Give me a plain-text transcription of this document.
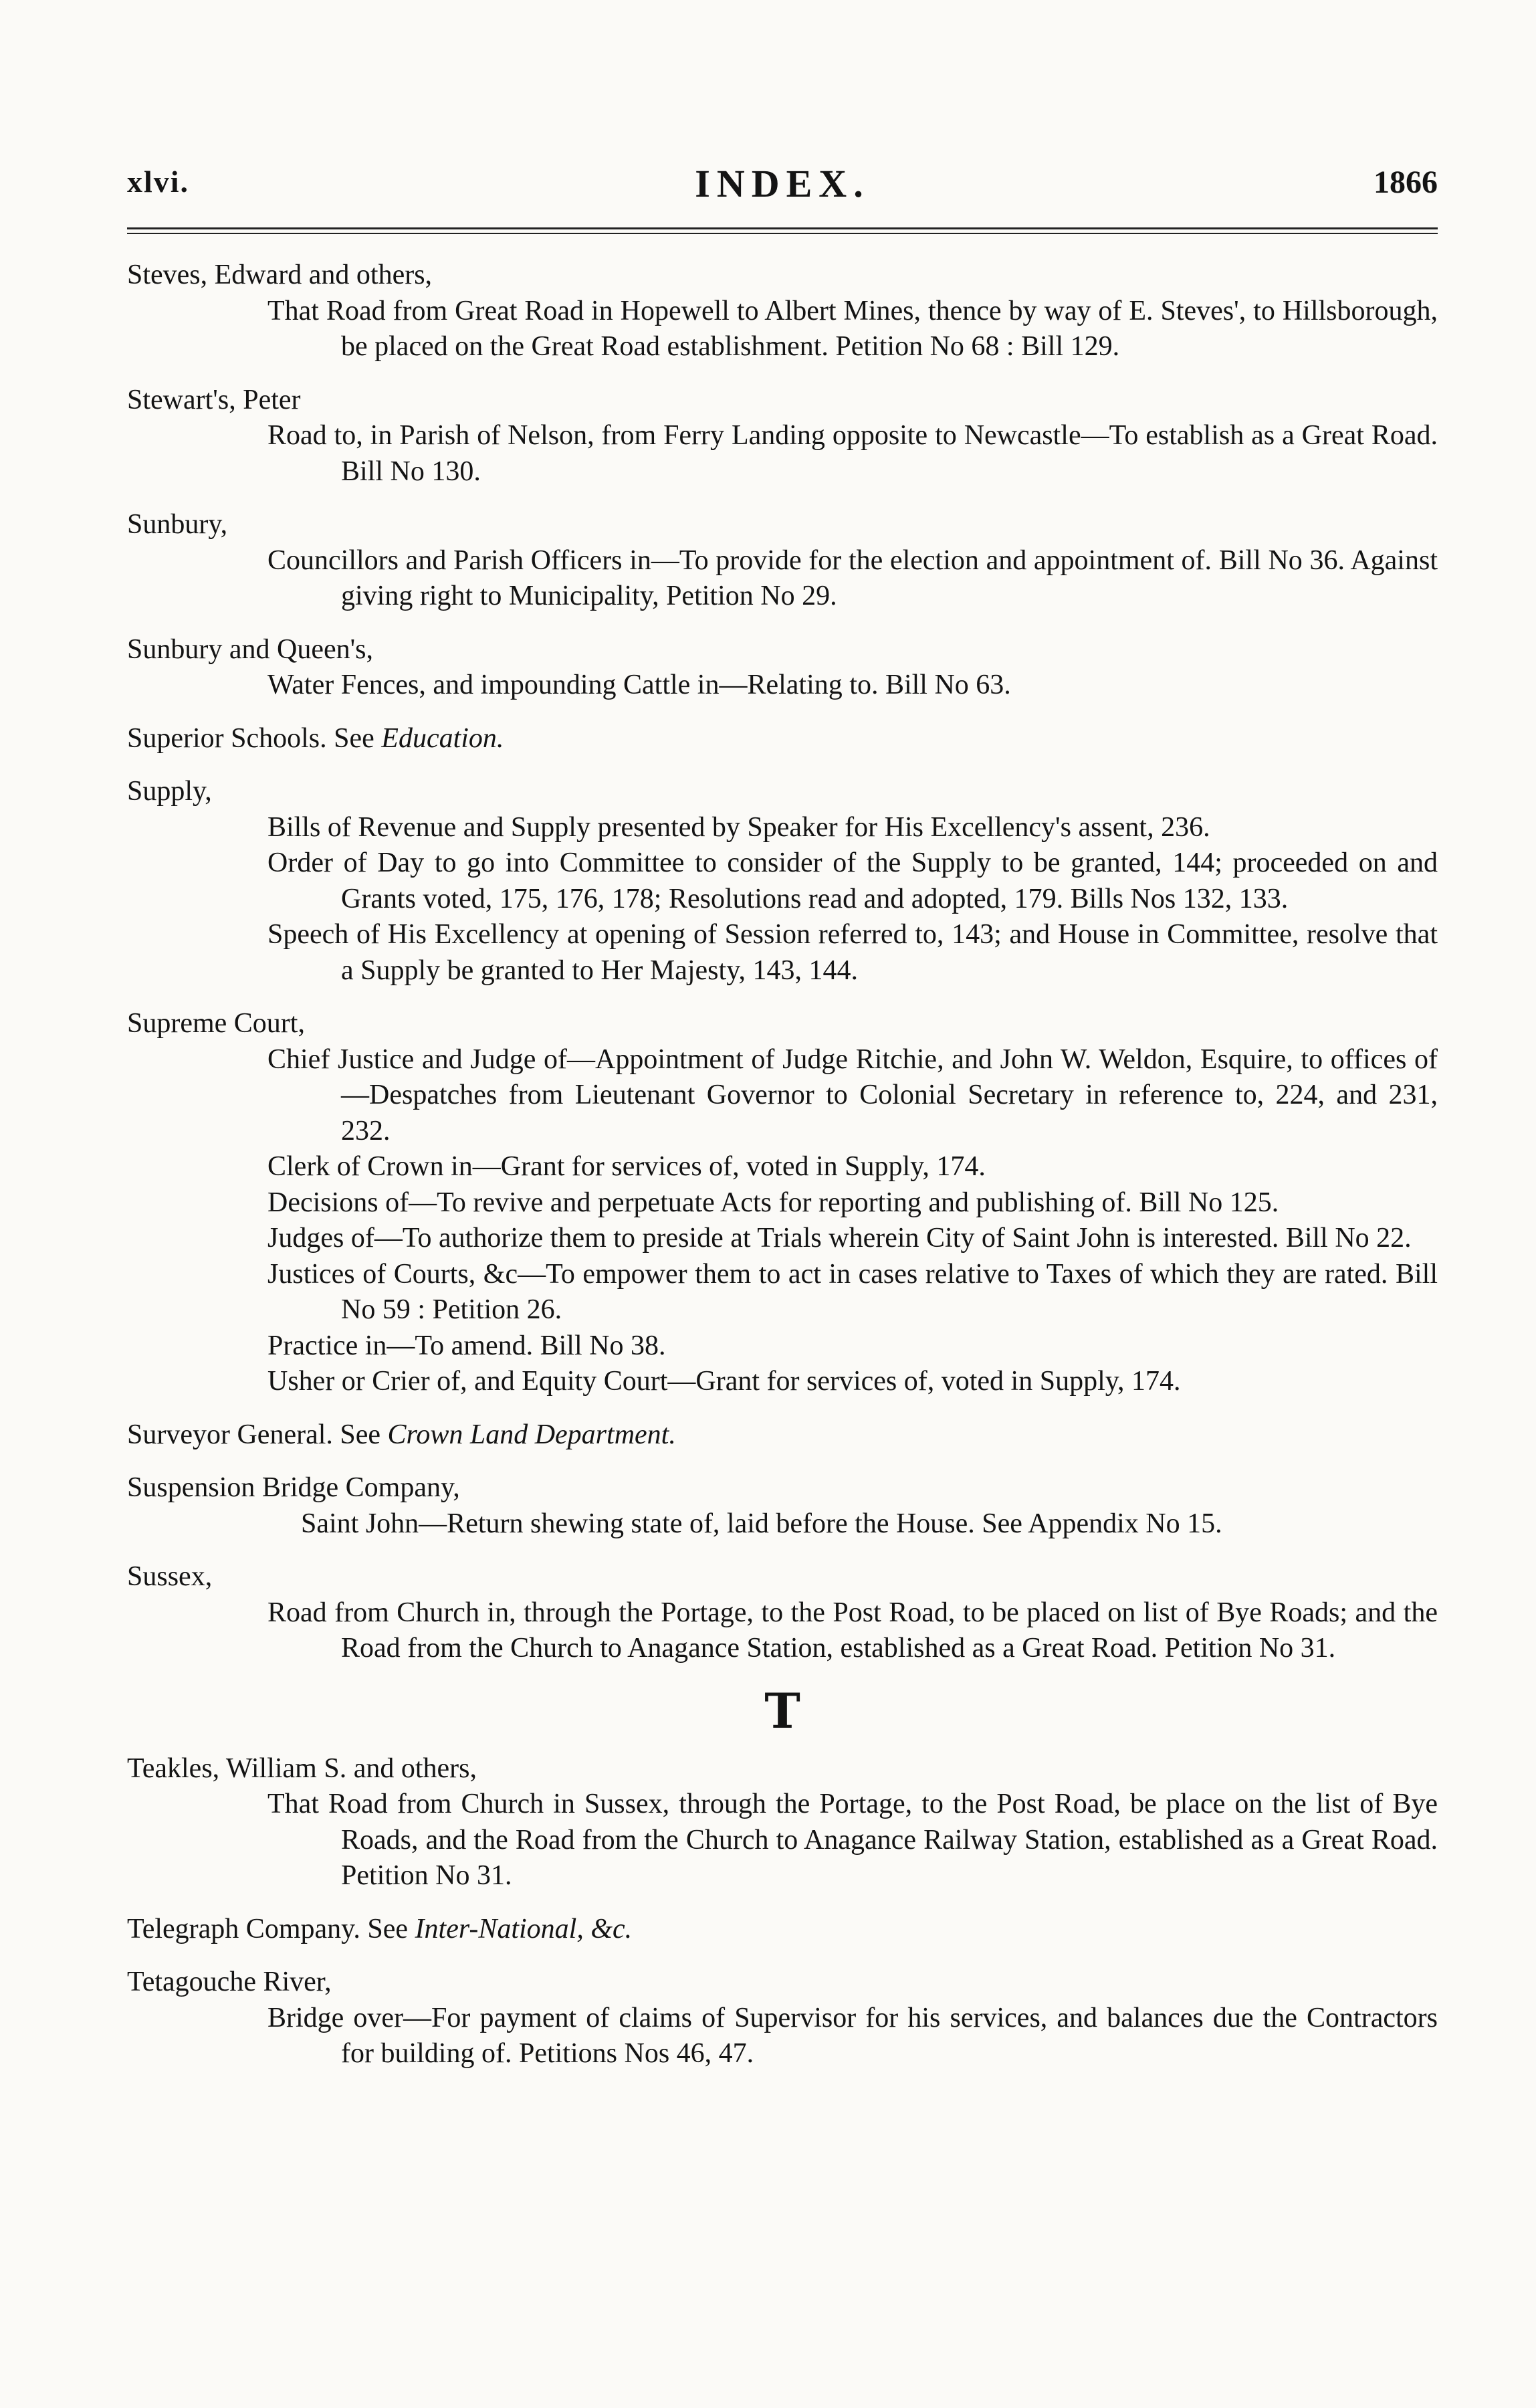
xlvi.	INDEX.	1866
Steves, Edward and others,
That Road from Great Road in Hopewell to Albert Mines, thence by way of E. Steves', to Hillsborough, be placed on the Great Road establishment. Petition No 68 : Bill 129.
Stewart's, Peter
Road to, in Parish of Nelson, from Ferry Landing opposite to Newcastle—To establish as a Great Road. Bill No 130.
Sunbury,
Councillors and Parish Officers in—To provide for the election and appointment of. Bill No 36. Against giving right to Municipality, Petition No 29.
Sunbury and Queen's,
Water Fences, and impounding Cattle in—Relating to. Bill No 63.
Superior Schools. See Education.
Supply,
Bills of Revenue and Supply presented by Speaker for His Excellency's assent, 236.
Order of Day to go into Committee to consider of the Supply to be granted, 144; proceeded on and Grants voted, 175, 176, 178; Resolutions read and adopted, 179. Bills Nos 132, 133.
Speech of His Excellency at opening of Session referred to, 143; and House in Committee, resolve that a Supply be granted to Her Majesty, 143, 144.
Supreme Court,
Chief Justice and Judge of—Appointment of Judge Ritchie, and John W. Weldon, Esquire, to offices of—Despatches from Lieutenant Governor to Colonial Secretary in reference to, 224, and 231, 232.
Clerk of Crown in—Grant for services of, voted in Supply, 174.
Decisions of—To revive and perpetuate Acts for reporting and publishing of. Bill No 125.
Judges of—To authorize them to preside at Trials wherein City of Saint John is interested. Bill No 22.
Justices of Courts, &c—To empower them to act in cases relative to Taxes of which they are rated. Bill No 59 : Petition 26.
Practice in—To amend. Bill No 38.
Usher or Crier of, and Equity Court—Grant for services of, voted in Supply, 174.
Surveyor General. See Crown Land Department.
Suspension Bridge Company,
Saint John—Return shewing state of, laid before the House. See Appendix No 15.
Sussex,
Road from Church in, through the Portage, to the Post Road, to be placed on list of Bye Roads; and the Road from the Church to Anagance Station, established as a Great Road. Petition No 31.
T
Teakles, William S. and others,
That Road from Church in Sussex, through the Portage, to the Post Road, be place on the list of Bye Roads, and the Road from the Church to Anagance Railway Station, established as a Great Road. Petition No 31.
Telegraph Company. See Inter-National, &c.
Tetagouche River,
Bridge over—For payment of claims of Supervisor for his services, and balances due the Contractors for building of. Petitions Nos 46, 47.
